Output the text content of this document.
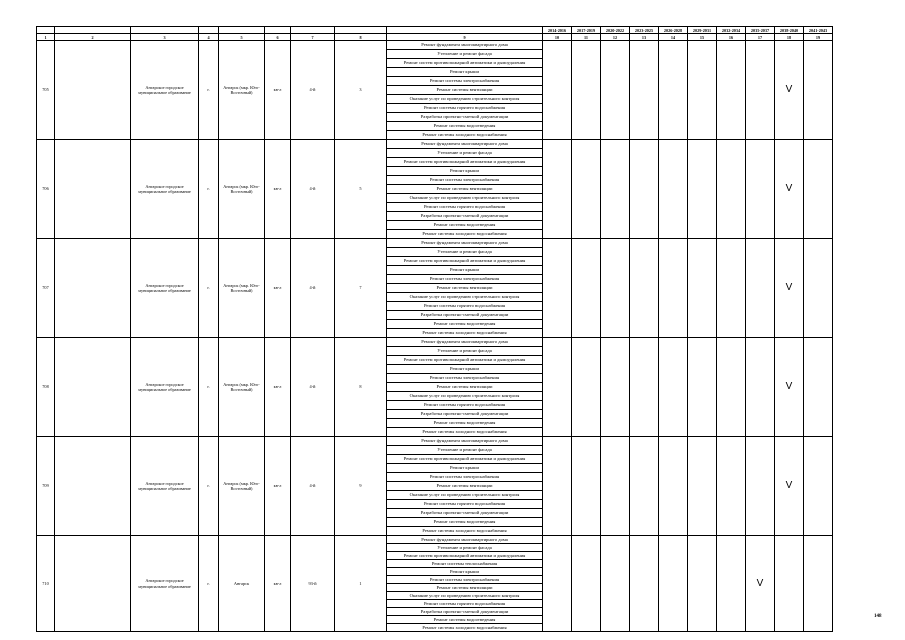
									2014-2016	2017-2019	2020-2022	2023-2025	2026-2028	2029-2031	2032-2034	2035-2037	2038-2040	2041-2043
1	2	3	4	5	6	7	8	9	10	11	12	13	14	15	16	17	18	19
705		Ангарское городское муниципальное образование	г.	Ангарск (мкр. Юго-Восточный)	кв-л	4-й	3	Ремонт фундамента многоквартирного дома									V	
								Утепление и ремонт фасада										
								Ремонт систем противопожарной автоматики и дымоудаления										
								Ремонт крыши										
								Ремонт системы электроснабжения										
								Ремонт системы вентиляции										
								Оказание услуг по проведению строительного контроля										
								Ремонт системы горячего водоснабжения										
								Разработка проектно-сметной документации										
								Ремонт системы водоотведения										
								Ремонт системы холодного водоснабжения										
706		Ангарское городское муниципальное образование	г.	Ангарск (мкр. Юго-Восточный)	кв-л	4-й	5	Ремонт фундамента многоквартирного дома									V	
								Утепление и ремонт фасада										
								Ремонт систем противопожарной автоматики и дымоудаления										
								Ремонт крыши										
								Ремонт системы электроснабжения										
								Ремонт системы вентиляции										
								Оказание услуг по проведению строительного контроля										
								Ремонт системы горячего водоснабжения										
								Разработка проектно-сметной документации										
								Ремонт системы водоотведения										
								Ремонт системы холодного водоснабжения										
707		Ангарское городское муниципальное образование	г.	Ангарск (мкр. Юго-Восточный)	кв-л	4-й	7	Ремонт фундамента многоквартирного дома									V	
								Утепление и ремонт фасада										
								Ремонт систем противопожарной автоматики и дымоудаления										
								Ремонт крыши										
								Ремонт системы электроснабжения										
								Ремонт системы вентиляции										
								Оказание услуг по проведению строительного контроля										
								Ремонт системы горячего водоснабжения										
								Разработка проектно-сметной документации										
								Ремонт системы водоотведения										
								Ремонт системы холодного водоснабжения										
708		Ангарское городское муниципальное образование	г.	Ангарск (мкр. Юго-Восточный)	кв-л	4-й	8	Ремонт фундамента многоквартирного дома									V	
								Утепление и ремонт фасада										
								Ремонт систем противопожарной автоматики и дымоудаления										
								Ремонт крыши										
								Ремонт системы электроснабжения										
								Ремонт системы вентиляции										
								Оказание услуг по проведению строительного контроля										
								Ремонт системы горячего водоснабжения										
								Разработка проектно-сметной документации										
								Ремонт системы водоотведения										
								Ремонт системы холодного водоснабжения										
709		Ангарское городское муниципальное образование	г.	Ангарск (мкр. Юго-Восточный)	кв-л	4-й	9	Ремонт фундамента многоквартирного дома									V	
								Утепление и ремонт фасада										
								Ремонт систем противопожарной автоматики и дымоудаления										
								Ремонт крыши										
								Ремонт системы электроснабжения										
								Ремонт системы вентиляции										
								Оказание услуг по проведению строительного контроля										
								Ремонт системы горячего водоснабжения										
								Разработка проектно-сметной документации										
								Ремонт системы водоотведения										
								Ремонт системы холодного водоснабжения										
710		Ангарское городское муниципальное образование	г.	Ангарск	кв-л	93-й	1	Ремонт фундамента многоквартирного дома								V		
								Утепление и ремонт фасада										
								Ремонт систем противопожарной автоматики и дымоудаления										
								Ремонт системы теплоснабжения										
								Ремонт крыши										
								Ремонт системы электроснабжения										
								Ремонт системы вентиляции										
								Оказание услуг по проведению строительного контроля										
								Ремонт системы горячего водоснабжения										
								Разработка проектно-сметной документации										
								Ремонт системы водоотведения										
								Ремонт системы холодного водоснабжения										
148
